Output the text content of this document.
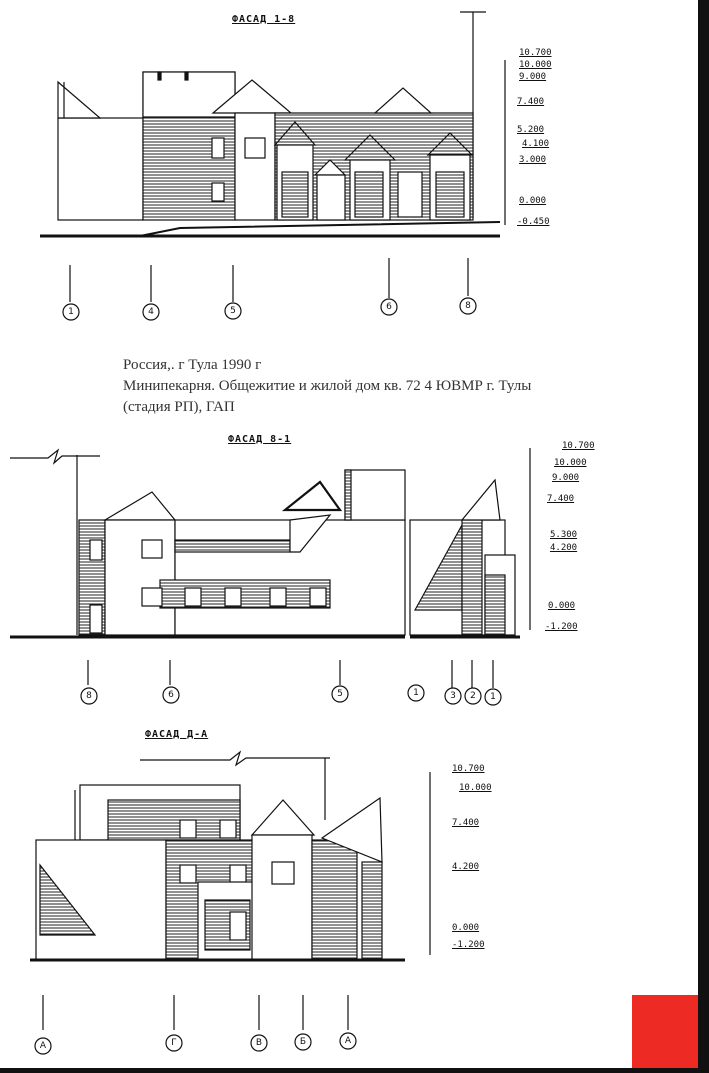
ФАСАД 1-8
ФАСАД 8-1
ФАСАД Д-А
Россия,. г Тула 1990 г
Минипекарня. Общежитие и жилой дом кв. 72 4 ЮВМР г. Тулы
(стадия РП), ГАП
10.700
10.000
9.000
7.400
5.200
4.100
3.000
0.000
-0.450
1	4	5	6	8
10.700
10.000
9.000
7.400
5.300
4.200
0.000
-1.200
8	6	5	1	3	2	1
10.700
10.000
7.400
4.200
0.000
-1.200
А	Г	В	Б	А
